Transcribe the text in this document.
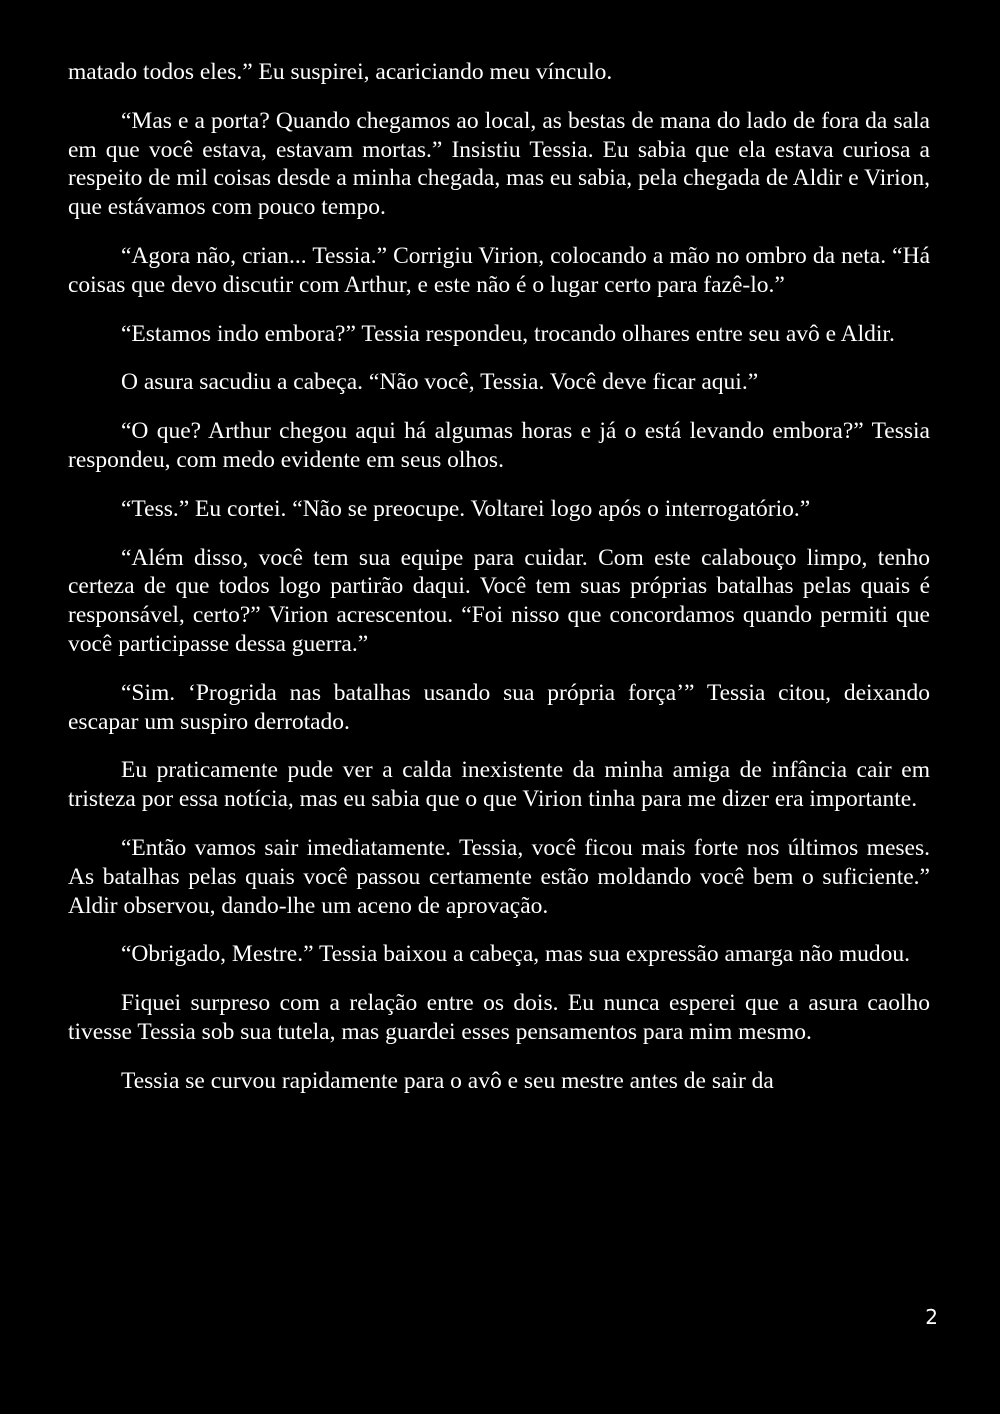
matado todos eles.” Eu suspirei, acariciando meu vínculo.

“Mas e a porta? Quando chegamos ao local, as bestas de mana do lado de fora da sala em que você estava, estavam mortas.” Insistiu Tessia. Eu sabia que ela estava curiosa a respeito de mil coisas desde a minha chegada, mas eu sabia, pela chegada de Aldir e Virion, que estávamos com pouco tempo.

“Agora não, crian... Tessia.” Corrigiu Virion, colocando a mão no ombro da neta. “Há coisas que devo discutir com Arthur, e este não é o lugar certo para fazê-lo.”

“Estamos indo embora?” Tessia respondeu, trocando olhares entre seu avô e Aldir.

O asura sacudiu a cabeça. “Não você, Tessia. Você deve ficar aqui.”

“O que? Arthur chegou aqui há algumas horas e já o está levando embora?” Tessia respondeu, com medo evidente em seus olhos.

“Tess.” Eu cortei. “Não se preocupe. Voltarei logo após o interrogatório.”

“Além disso, você tem sua equipe para cuidar. Com este calabouço limpo, tenho certeza de que todos logo partirão daqui. Você tem suas próprias batalhas pelas quais é responsável, certo?” Virion acrescentou. “Foi nisso que concordamos quando permiti que você participasse dessa guerra.”

“Sim. ‘Progrida nas batalhas usando sua própria força’” Tessia citou, deixando escapar um suspiro derrotado.

Eu praticamente pude ver a calda inexistente da minha amiga de infância cair em tristeza por essa notícia, mas eu sabia que o que Virion tinha para me dizer era importante.

“Então vamos sair imediatamente. Tessia, você ficou mais forte nos últimos meses. As batalhas pelas quais você passou certamente estão moldando você bem o suficiente.” Aldir observou, dando-lhe um aceno de aprovação.

“Obrigado, Mestre.” Tessia baixou a cabeça, mas sua expressão amarga não mudou.

Fiquei surpreso com a relação entre os dois. Eu nunca esperei que a asura caolho tivesse Tessia sob sua tutela, mas guardei esses pensamentos para mim mesmo.

Tessia se curvou rapidamente para o avô e seu mestre antes de sair da

2
